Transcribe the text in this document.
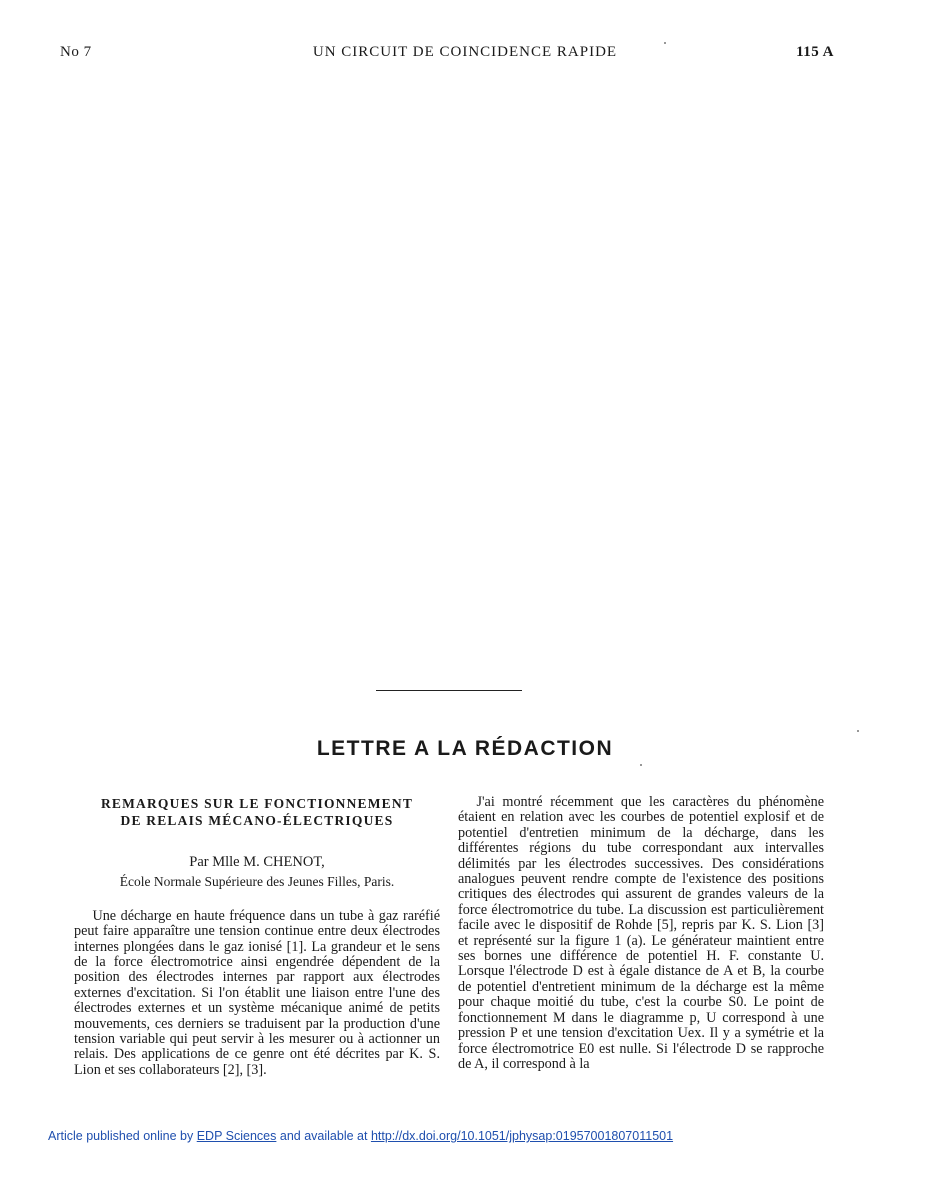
No 7	UN CIRCUIT DE COINCIDENCE RAPIDE	115 A
LETTRE A LA RÉDACTION
REMARQUES SUR LE FONCTIONNEMENT
DE RELAIS MÉCANO-ÉLECTRIQUES
Par Mlle M. CHENOT,
École Normale Supérieure des Jeunes Filles, Paris.

Une décharge en haute fréquence dans un tube à gaz raréfié peut faire apparaître une tension continue entre deux électrodes internes plongées dans le gaz ionisé [1]. La grandeur et le sens de la force électromotrice ainsi engendrée dépendent de la position des électrodes internes par rapport aux électrodes externes d'excitation. Si l'on établit une liaison entre l'une des électrodes externes et un système mécanique animé de petits mouvements, ces derniers se traduisent par la production d'une tension variable qui peut servir à les mesurer ou à actionner un relais. Des applications de ce genre ont été décrites par K. S. Lion et ses collaborateurs [2], [3].

J'ai montré récemment que les caractères du phénomène étaient en relation avec les courbes de potentiel explosif et de potentiel d'entretien minimum de la décharge, dans les différentes régions du tube correspondant aux intervalles délimités par les électrodes successives. Des considérations analogues peuvent rendre compte de l'existence des positions critiques des électrodes qui assurent de grandes valeurs de la force électromotrice du tube. La discussion est particulièrement facile avec le dispositif de Rohde [5], repris par K. S. Lion [3] et représenté sur la figure 1 (a). Le générateur maintient entre ses bornes une différence de potentiel H. F. constante U. Lorsque l'électrode D est à égale distance de A et B, la courbe de potentiel d'entretient minimum de la décharge est la même pour chaque moitié du tube, c'est la courbe S0. Le point de fonctionnement M dans le diagramme p, U correspond à une pression P et une tension d'excitation Uex. Il y a symétrie et la force électromotrice E0 est nulle. Si l'électrode D se rapproche de A, il correspond à la

Article published online by EDP Sciences and available at http://dx.doi.org/10.1051/jphysap:01957001807011501
